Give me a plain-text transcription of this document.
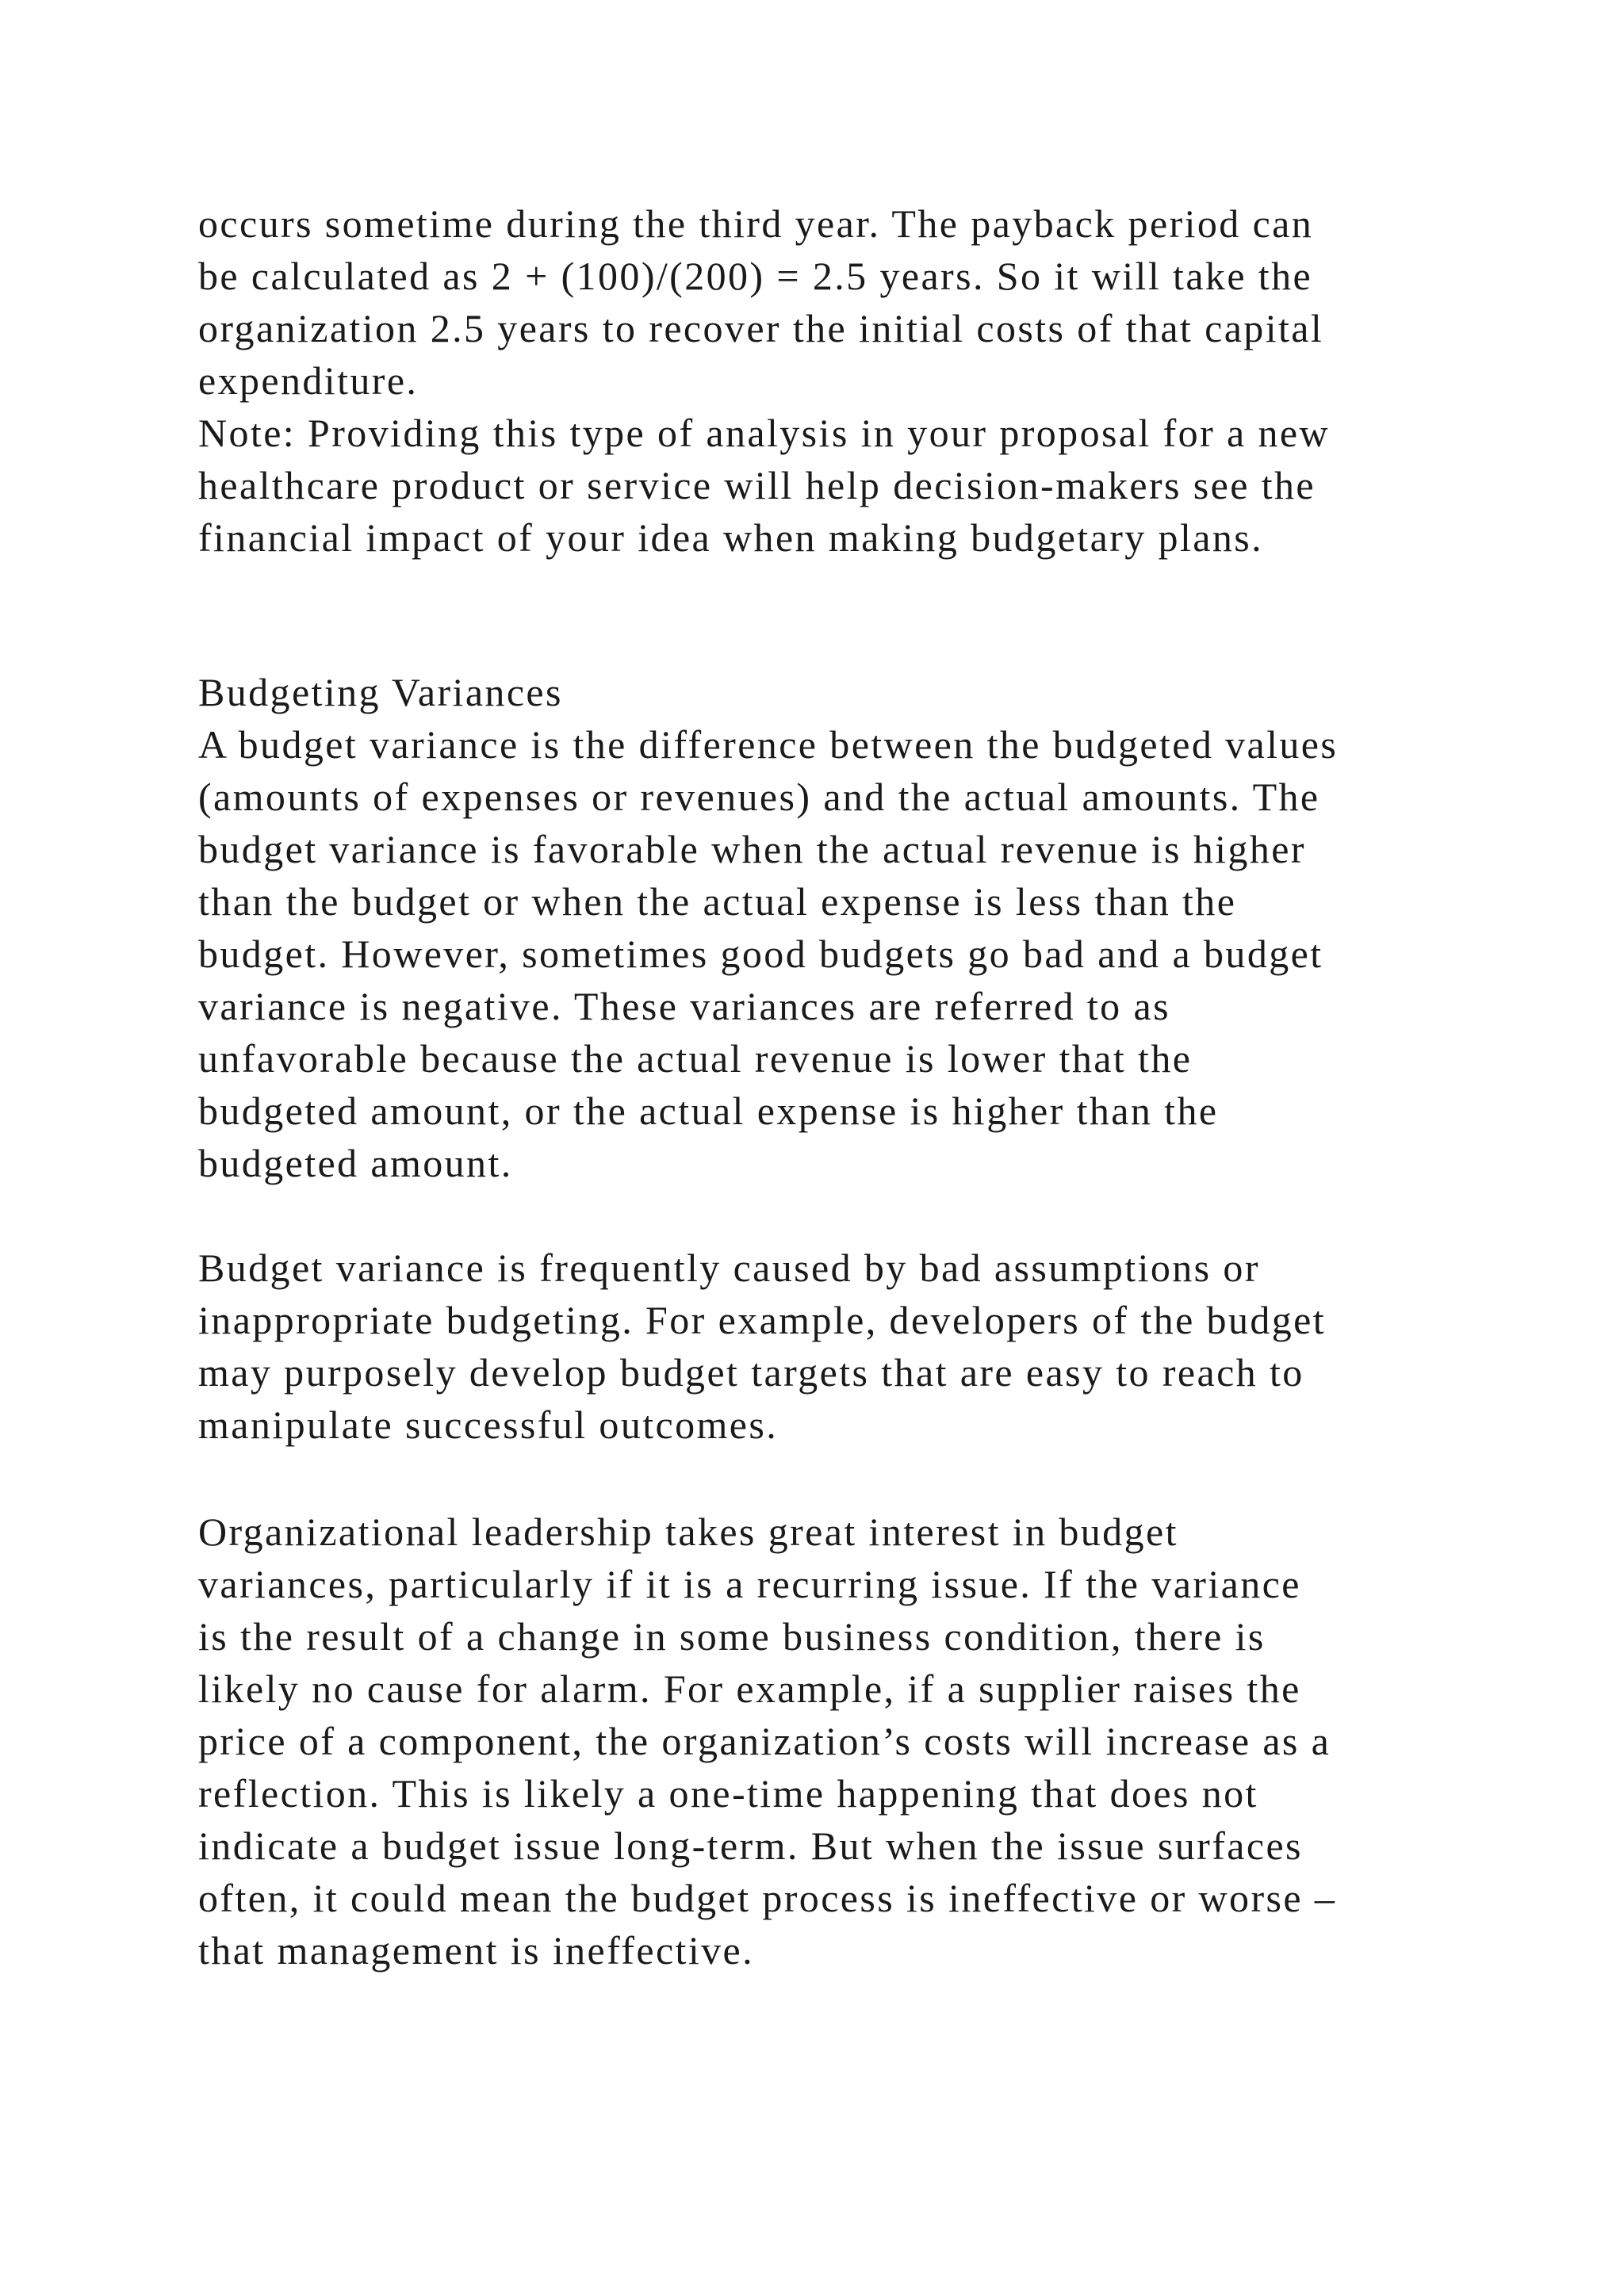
occurs sometime during the third year. The payback period can
be calculated as 2 + (100)/(200) = 2.5 years. So it will take the
organization 2.5 years to recover the initial costs of that capital
expenditure.
Note: Providing this type of analysis in your proposal for a new
healthcare product or service will help decision-makers see the
financial impact of your idea when making budgetary plans.
Budgeting Variances
A budget variance is the difference between the budgeted values
(amounts of expenses or revenues) and the actual amounts. The
budget variance is favorable when the actual revenue is higher
than the budget or when the actual expense is less than the
budget. However, sometimes good budgets go bad and a budget
variance is negative. These variances are referred to as
unfavorable because the actual revenue is lower that the
budgeted amount, or the actual expense is higher than the
budgeted amount.
Budget variance is frequently caused by bad assumptions or
inappropriate budgeting. For example, developers of the budget
may purposely develop budget targets that are easy to reach to
manipulate successful outcomes.
Organizational leadership takes great interest in budget
variances, particularly if it is a recurring issue. If the variance
is the result of a change in some business condition, there is
likely no cause for alarm. For example, if a supplier raises the
price of a component, the organization’s costs will increase as a
reflection. This is likely a one-time happening that does not
indicate a budget issue long-term. But when the issue surfaces
often, it could mean the budget process is ineffective or worse –
that management is ineffective.
